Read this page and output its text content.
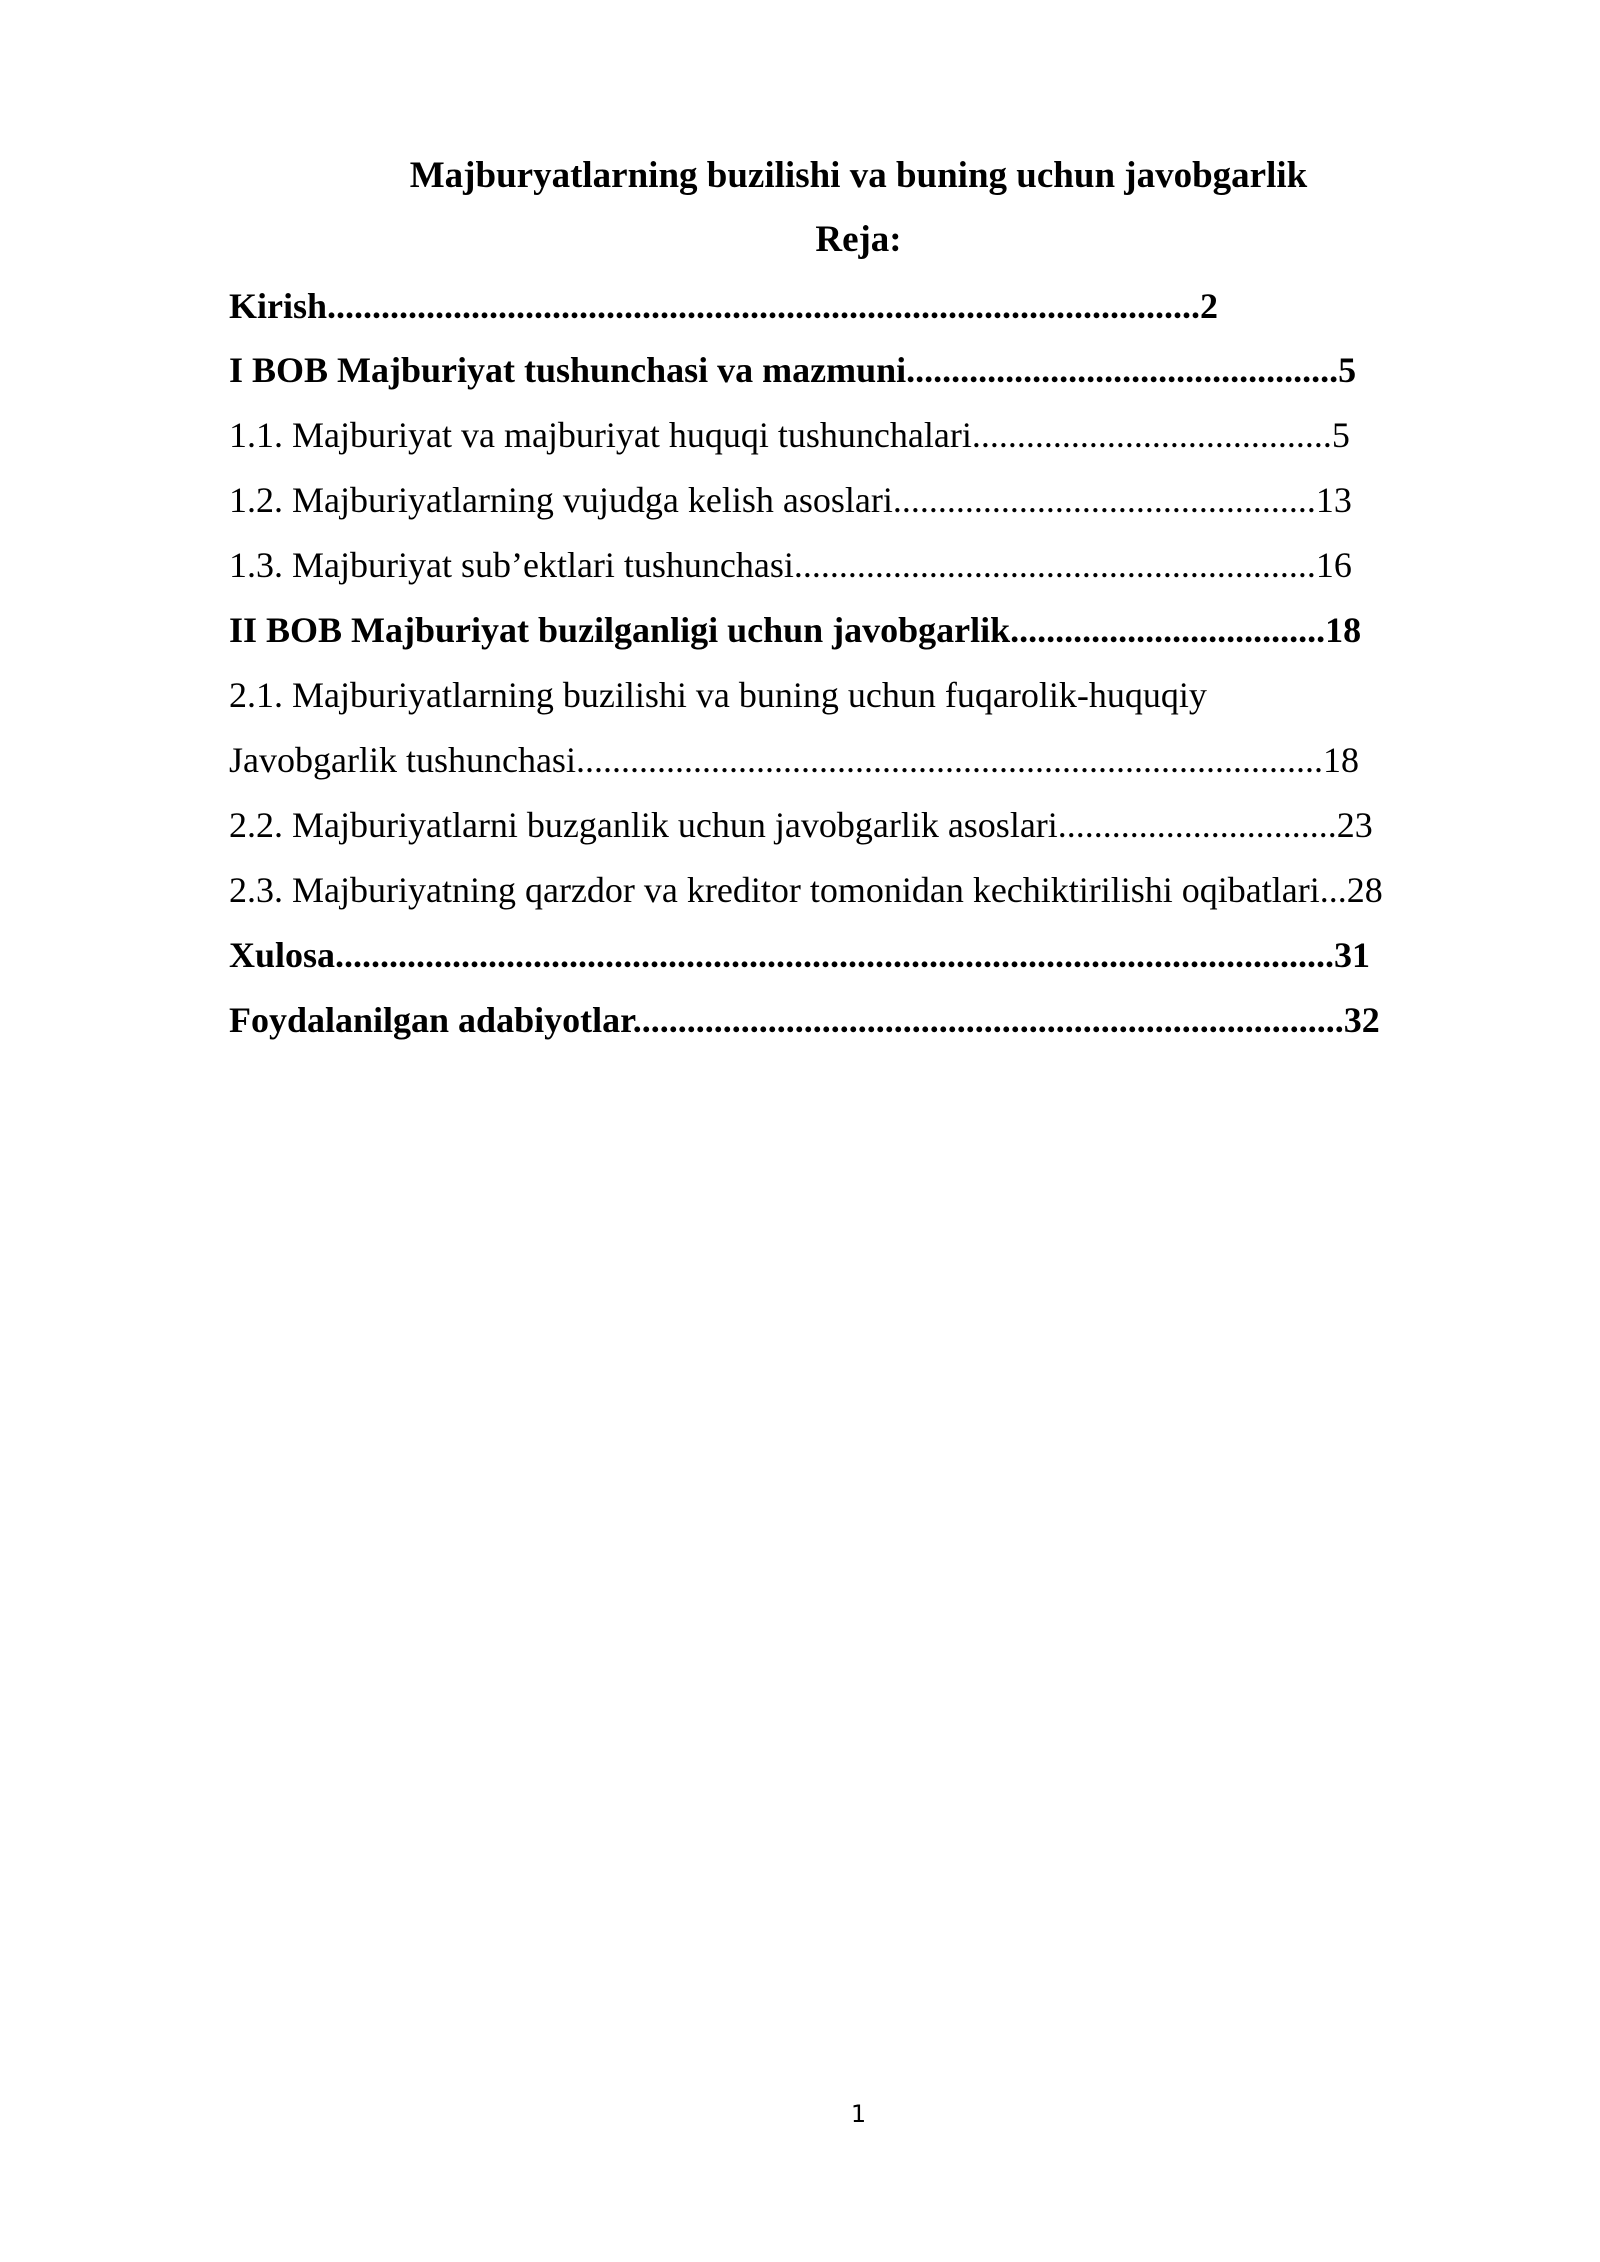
Majburyatlarning buzilishi va buning uchun javobgarlik
Reja:
Kirish.................................................................................................2
I BOB Majburiyat tushunchasi va mazmuni................................................5
1.1. Majburiyat va majburiyat huquqi tushunchalari........................................5
1.2. Majburiyatlarning vujudga kelish asoslari...............................................13
1.3. Majburiyat sub’ektlari tushunchasi..........................................................16
II BOB Majburiyat buzilganligi uchun javobgarlik...................................18
2.1. Majburiyatlarning buzilishi va buning uchun fuqarolik-huquqiy
Javobgarlik tushunchasi...................................................................................18
2.2. Majburiyatlarni buzganlik uchun javobgarlik asoslari...............................23
2.3. Majburiyatning qarzdor va kreditor tomonidan kechiktirilishi oqibatlari...28
Xulosa...............................................................................................................31
Foydalanilgan adabiyotlar...............................................................................32
1
